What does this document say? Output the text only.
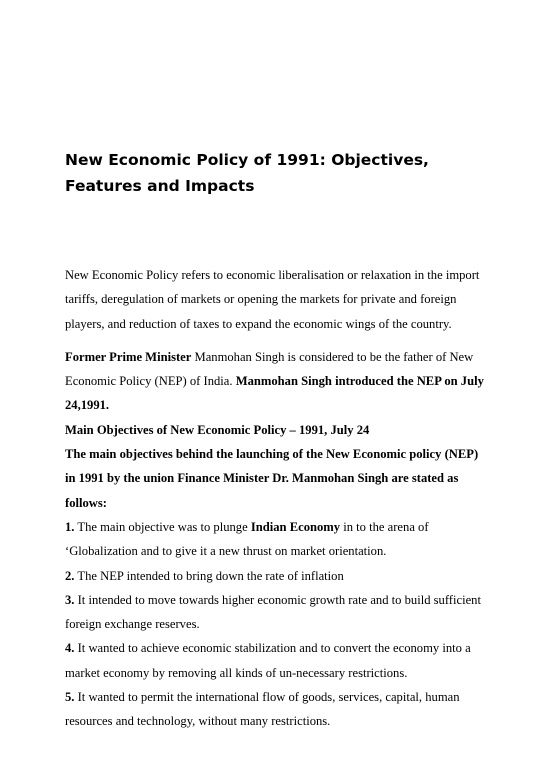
New Economic Policy of 1991: Objectives,
Features and Impacts

New Economic Policy refers to economic liberalisation or relaxation in the import tariffs, deregulation of markets or opening the markets for private and foreign players, and reduction of taxes to expand the economic wings of the country.

Former Prime Minister Manmohan Singh is considered to be the father of New Economic Policy (NEP) of India. Manmohan Singh introduced the NEP on July 24,1991.

Main Objectives of New Economic Policy – 1991, July 24

The main objectives behind the launching of the New Economic policy (NEP) in 1991 by the union Finance Minister Dr. Manmohan Singh are stated as follows:

1. The main objective was to plunge Indian Economy in to the arena of ‘Globalization and to give it a new thrust on market orientation.

2. The NEP intended to bring down the rate of inflation

3. It intended to move towards higher economic growth rate and to build sufficient foreign exchange reserves.

4. It wanted to achieve economic stabilization and to convert the economy into a market economy by removing all kinds of un-necessary restrictions.

5. It wanted to permit the international flow of goods, services, capital, human resources and technology, without many restrictions.
